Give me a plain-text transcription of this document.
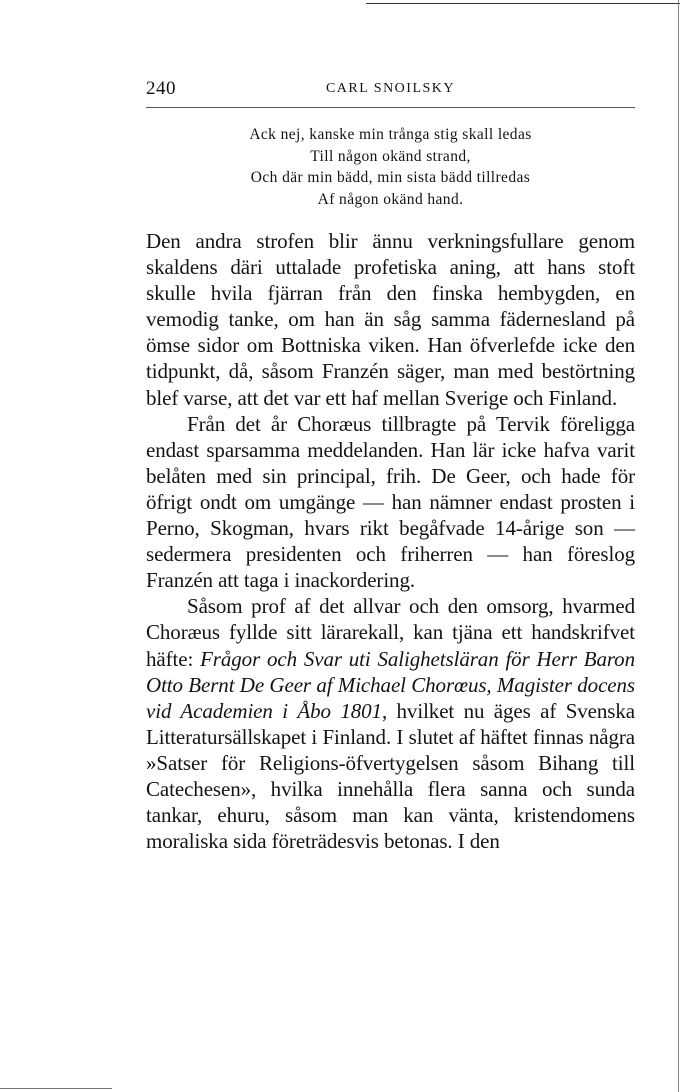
240	CARL SNOILSKY
Ack nej, kanske min trånga stig skall ledas
Till någon okänd strand,
Och där min bädd, min sista bädd tillredas
Af någon okänd hand.

Den andra strofen blir ännu verkningsfullare genom skaldens däri uttalade profetiska aning, att hans stoft skulle hvila fjärran från den finska hembygden, en vemodig tanke, om han än såg samma fädernesland på ömse sidor om Bottniska viken. Han öfverlefde icke den tidpunkt, då, såsom Franzén säger, man med bestörtning blef varse, att det var ett haf mellan Sverige och Finland.

Från det år Choræus tillbragte på Tervik föreligga endast sparsamma meddelanden. Han lär icke hafva varit belåten med sin principal, frih. De Geer, och hade för öfrigt ondt om umgänge — han nämner endast prosten i Perno, Skogman, hvars rikt begåfvade 14-årige son — sedermera presidenten och friherren — han föreslog Franzén att taga i inackordering.

Såsom prof af det allvar och den omsorg, hvarmed Choræus fyllde sitt lärarekall, kan tjäna ett handskrifvet häfte: Frågor och Svar uti Salighetsläran för Herr Baron Otto Bernt De Geer af Michael Chorœus, Magister docens vid Academien i Åbo 1801, hvilket nu äges af Svenska Litteratursällskapet i Finland. I slutet af häftet finnas några »Satser för Religions-öfvertygelsen såsom Bihang till Catechesen», hvilka innehålla flera sanna och sunda tankar, ehuru, såsom man kan vänta, kristendomens moraliska sida företrädesvis betonas. I den
